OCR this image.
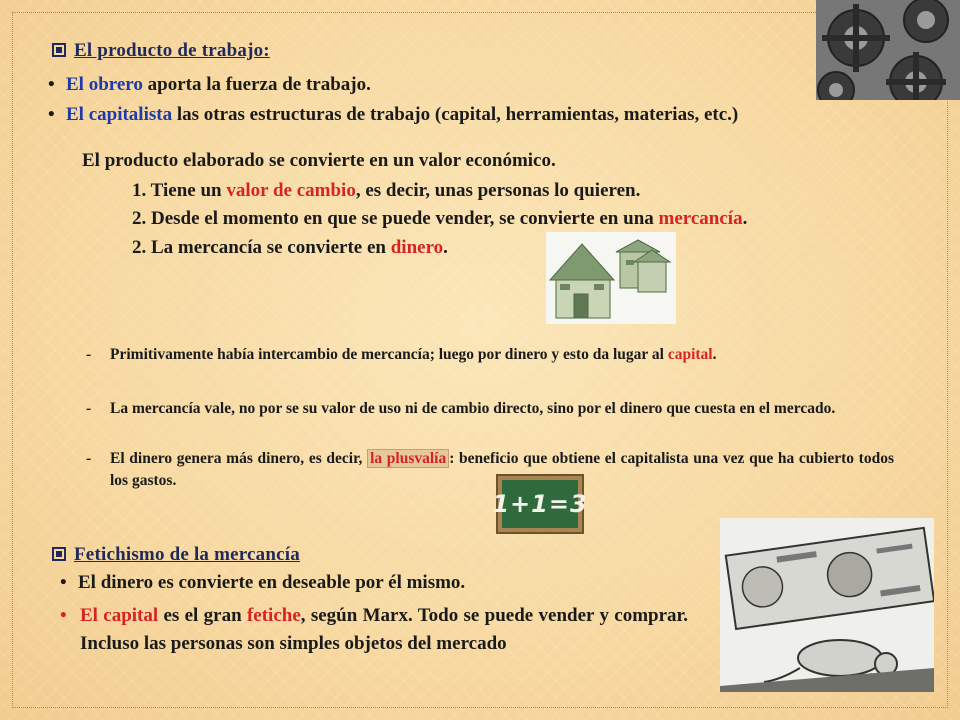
El producto de trabajo:
• El obrero aporta la fuerza de trabajo.
• El capitalista las otras estructuras de trabajo (capital, herramientas, materias, etc.)
El producto elaborado se convierte en un valor económico.
1. Tiene un valor de cambio, es decir, unas personas lo quieren.
2. Desde el momento en que se puede vender, se convierte en una mercancía.
2. La mercancía se convierte en dinero.
- Primitivamente había intercambio de mercancía; luego por dinero y esto da lugar al capital.
- La mercancía vale, no por se su valor de uso ni de cambio directo, sino por el dinero que cuesta en el mercado.
- El dinero genera más dinero, es decir, la plusvalía : beneficio que obtiene el capitalista una vez que ha cubierto todos los gastos.
1+1=3
Fetichismo de la mercancía
• El dinero es convierte en deseable por él mismo.
• El capital es el gran fetiche, según Marx. Todo se puede vender y comprar. Incluso las personas son simples objetos del mercado
